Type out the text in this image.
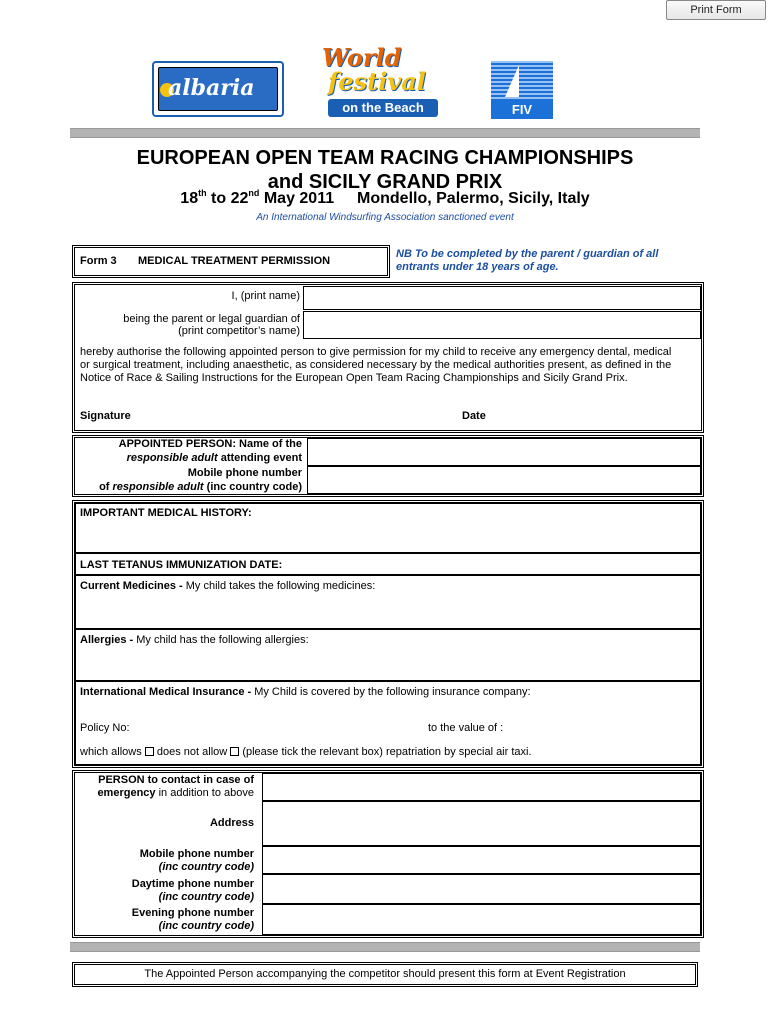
Print Form
albaria
World
festival
on the Beach	FIV
EUROPEAN OPEN TEAM RACING CHAMPIONSHIPS
and SICILY GRAND PRIX
18th to 22nd May 2011 Mondello, Palermo, Sicily, Italy
An International Windsurfing Association sanctioned event
Form 3 MEDICAL TREATMENT PERMISSION
NB To be completed by the parent / guardian of all entrants under 18 years of age.
I, (print name)
being the parent or legal guardian of
(print competitor’s name)
hereby authorise the following appointed person to give permission for my child to receive any emergency dental, medical or surgical treatment, including anaesthetic, as considered necessary by the medical authorities present, as defined in the Notice of Race & Sailing Instructions for the European Open Team Racing Championships and Sicily Grand Prix.
Signature	Date
APPOINTED PERSON: Name of the
responsible adult attending event
Mobile phone number
of responsible adult (inc country code)
IMPORTANT MEDICAL HISTORY:
LAST TETANUS IMMUNIZATION DATE:
Current Medicines - My child takes the following medicines:
Allergies - My child has the following allergies:
International Medical Insurance - My Child is covered by the following insurance company:
Policy No:	to the value of :
which allows does not allow (please tick the relevant box) repatriation by special air taxi.
PERSON to contact in case of
emergency in addition to above
Address
Mobile phone number
(inc country code)
Daytime phone number
(inc country code)
Evening phone number
(inc country code)
The Appointed Person accompanying the competitor should present this form at Event Registration
